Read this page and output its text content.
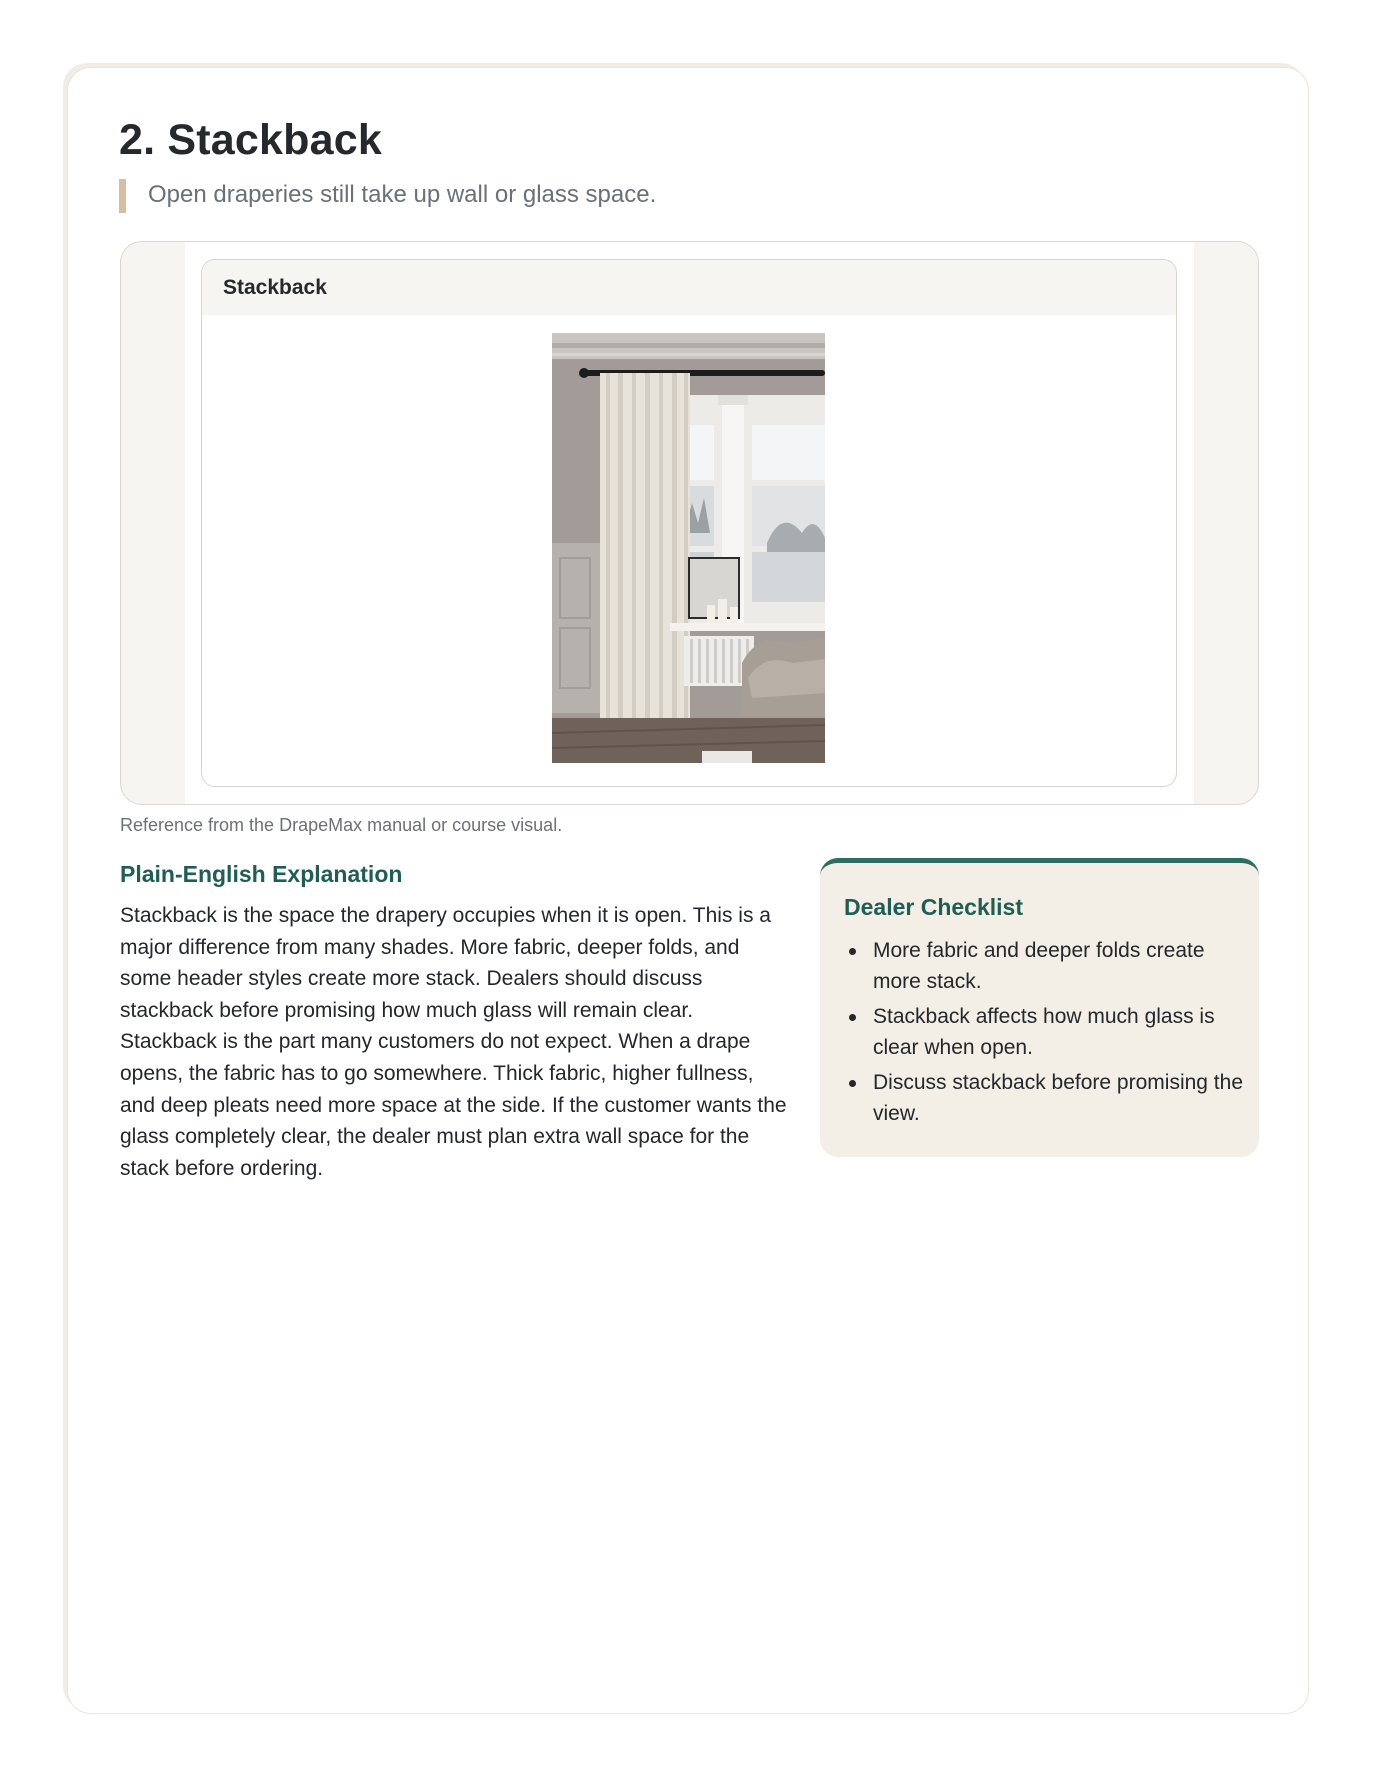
2. Stackback
Open draperies still take up wall or glass space.
Stackback
Reference from the DrapeMax manual or course visual.
Plain-English Explanation

Stackback is the space the drapery occupies when it is open. This is a major difference from many shades. More fabric, deeper folds, and some header styles create more stack. Dealers should discuss stackback before promising how much glass will remain clear. Stackback is the part many customers do not expect. When a drape opens, the fabric has to go somewhere. Thick fabric, higher fullness, and deep pleats need more space at the side. If the customer wants the glass completely clear, the dealer must plan extra wall space for the stack before ordering.

Dealer Checklist
More fabric and deeper folds create more stack.
Stackback affects how much glass is clear when open.
Discuss stackback before promising the view.
